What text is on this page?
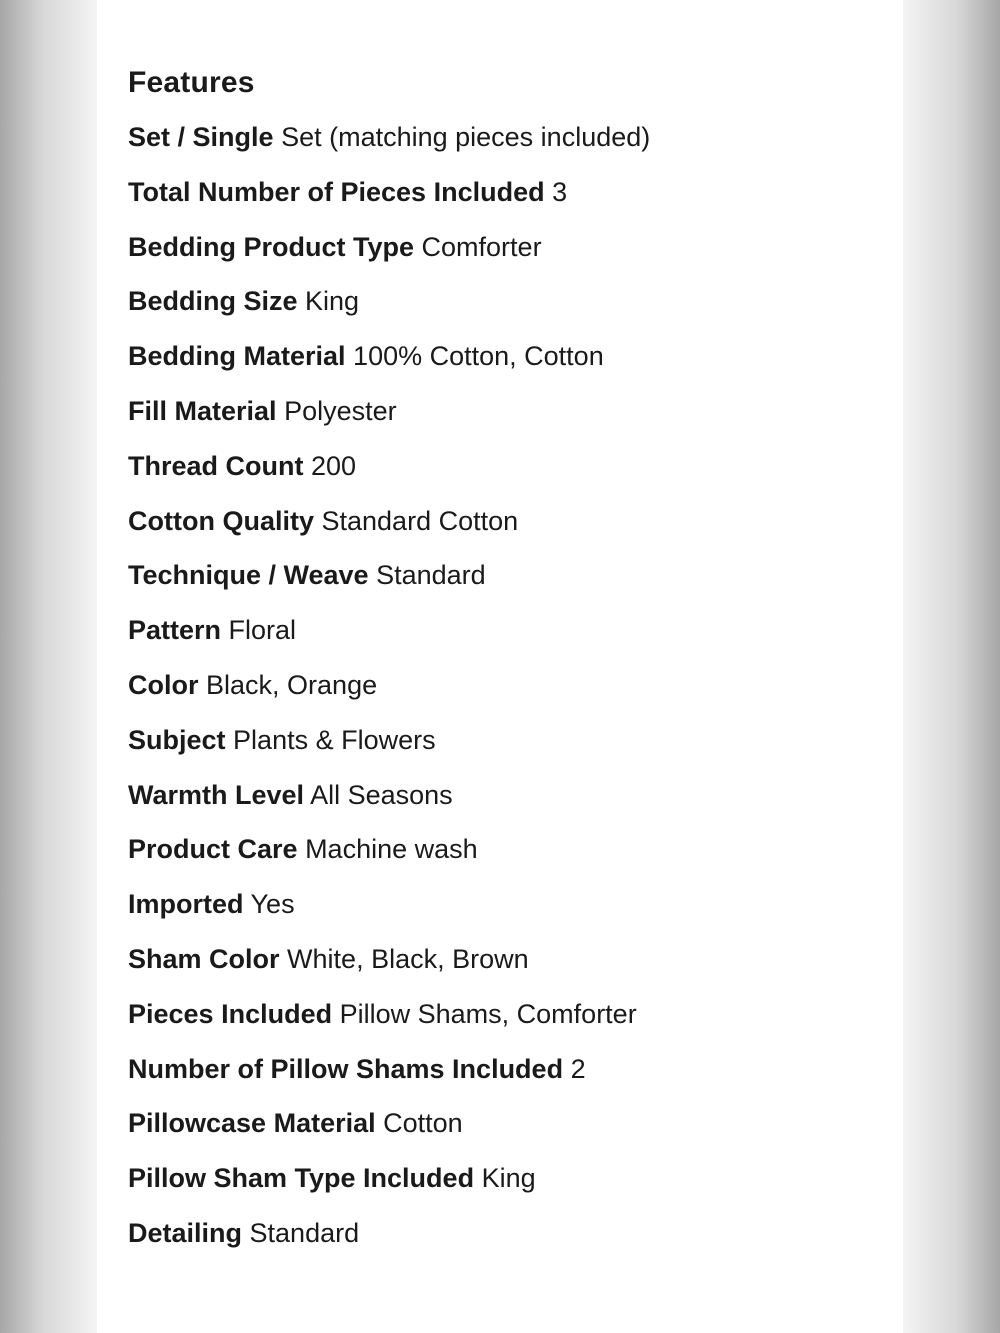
Features
Set / Single Set (matching pieces included)
Total Number of Pieces Included 3
Bedding Product Type Comforter
Bedding Size King
Bedding Material 100% Cotton, Cotton
Fill Material Polyester
Thread Count 200
Cotton Quality Standard Cotton
Technique / Weave Standard
Pattern Floral
Color Black, Orange
Subject Plants & Flowers
Warmth Level All Seasons
Product Care Machine wash
Imported Yes
Sham Color White, Black, Brown
Pieces Included Pillow Shams, Comforter
Number of Pillow Shams Included 2
Pillowcase Material Cotton
Pillow Sham Type Included King
Detailing Standard
